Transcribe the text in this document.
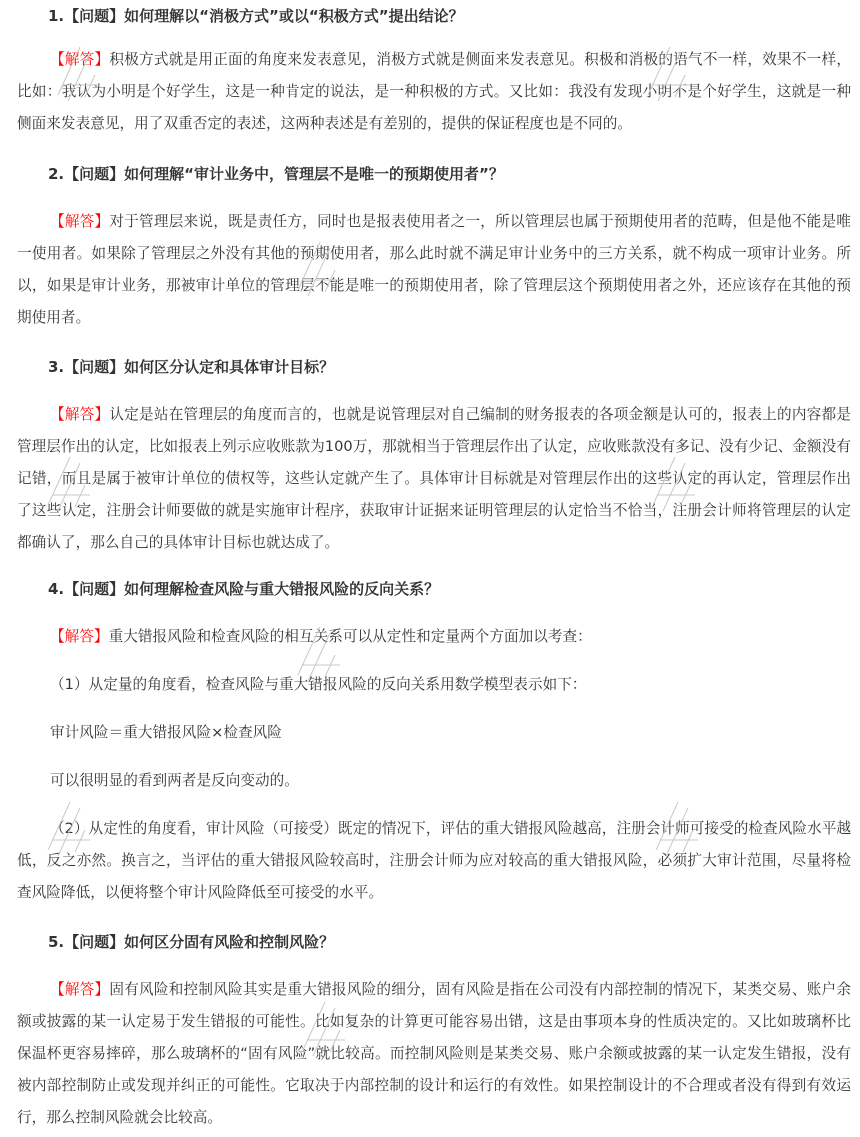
1.【问题】如何理解以“消极方式”或以“积极方式”提出结论？

【解答】积极方式就是用正面的角度来发表意见，消极方式就是侧面来发表意见。积极和消极的语气不一样，效果不一样，比如：我认为小明是个好学生，这是一种肯定的说法，是一种积极的方式。又比如：我没有发现小明不是个好学生，这就是一种侧面来发表意见，用了双重否定的表述，这两种表述是有差别的，提供的保证程度也是不同的。

2.【问题】如何理解“审计业务中，管理层不是唯一的预期使用者”？

【解答】对于管理层来说，既是责任方，同时也是报表使用者之一，所以管理层也属于预期使用者的范畴，但是他不能是唯一使用者。如果除了管理层之外没有其他的预期使用者，那么此时就不满足审计业务中的三方关系，就不构成一项审计业务。所以，如果是审计业务，那被审计单位的管理层不能是唯一的预期使用者，除了管理层这个预期使用者之外，还应该存在其他的预期使用者。

3.【问题】如何区分认定和具体审计目标？

【解答】认定是站在管理层的角度而言的，也就是说管理层对自己编制的财务报表的各项金额是认可的，报表上的内容都是管理层作出的认定，比如报表上列示应收账款为100万，那就相当于管理层作出了认定，应收账款没有多记、没有少记、金额没有记错，而且是属于被审计单位的债权等，这些认定就产生了。具体审计目标就是对管理层作出的这些认定的再认定，管理层作出了这些认定，注册会计师要做的就是实施审计程序，获取审计证据来证明管理层的认定恰当不恰当，注册会计师将管理层的认定都确认了，那么自己的具体审计目标也就达成了。

4.【问题】如何理解检查风险与重大错报风险的反向关系？

【解答】重大错报风险和检查风险的相互关系可以从定性和定量两个方面加以考查：

（1）从定量的角度看，检查风险与重大错报风险的反向关系用数学模型表示如下：

审计风险＝重大错报风险×检查风险

可以很明显的看到两者是反向变动的。

（2）从定性的角度看，审计风险（可接受）既定的情况下，评估的重大错报风险越高，注册会计师可接受的检查风险水平越低，反之亦然。换言之，当评估的重大错报风险较高时，注册会计师为应对较高的重大错报风险，必须扩大审计范围，尽量将检查风险降低，以便将整个审计风险降低至可接受的水平。

5.【问题】如何区分固有风险和控制风险？

【解答】固有风险和控制风险其实是重大错报风险的细分，固有风险是指在公司没有内部控制的情况下，某类交易、账户余额或披露的某一认定易于发生错报的可能性。比如复杂的计算更可能容易出错，这是由事项本身的性质决定的。又比如玻璃杯比保温杯更容易摔碎，那么玻璃杯的“固有风险”就比较高。而控制风险则是某类交易、账户余额或披露的某一认定发生错报，没有被内部控制防止或发现并纠正的可能性。它取决于内部控制的设计和运行的有效性。如果控制设计的不合理或者没有得到有效运行，那么控制风险就会比较高。
